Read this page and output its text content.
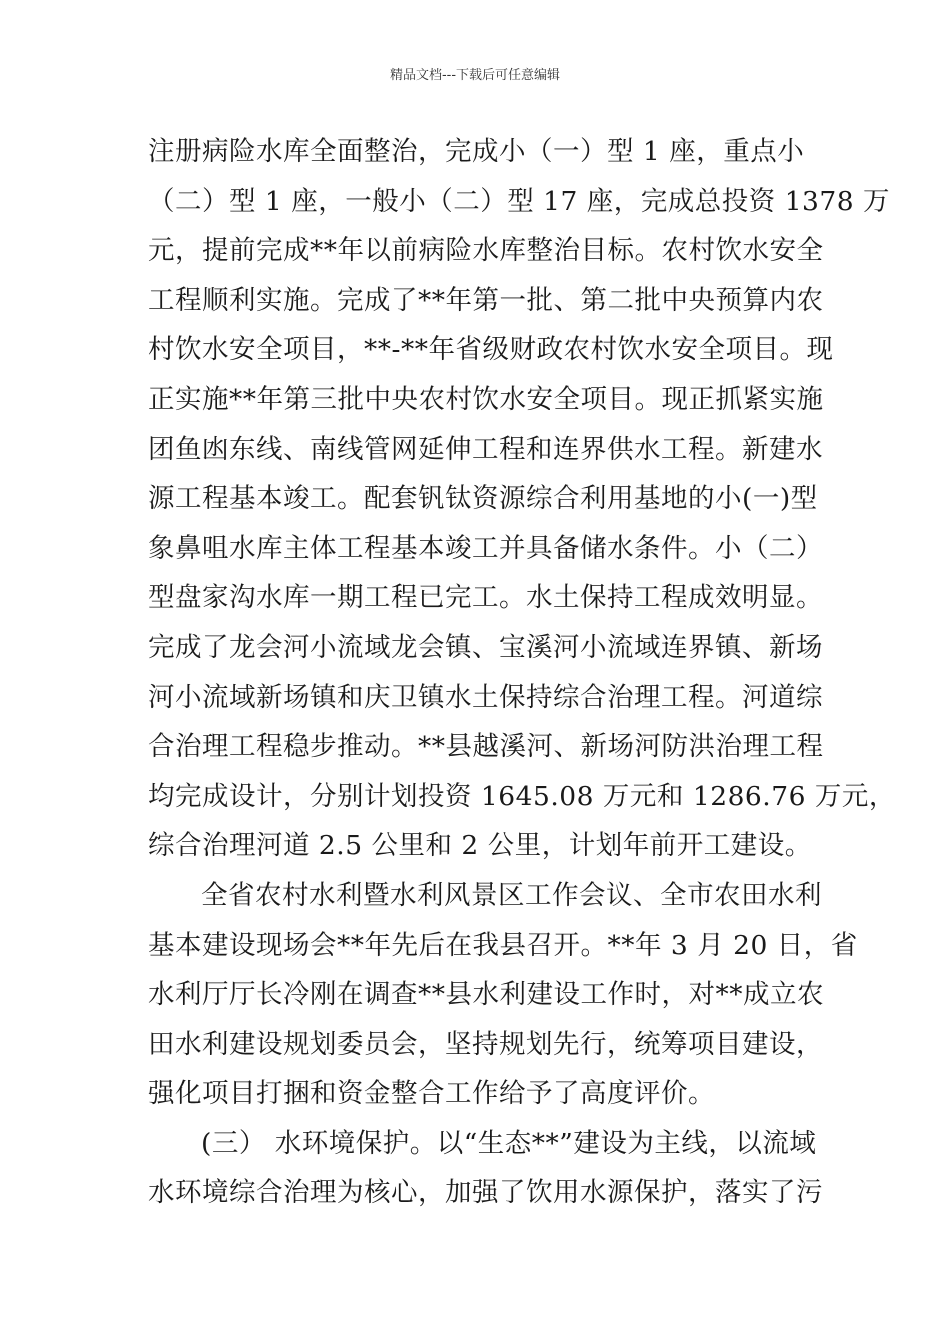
精品文档---下载后可任意编辑
注册病险水库全面整治，完成小（一）型 1 座，重点小
（二）型 1 座，一般小（二）型 17 座，完成总投资 1378 万
元，提前完成**年以前病险水库整治目标。农村饮水安全
工程顺利实施。完成了**年第一批、第二批中央预算内农
村饮水安全项目，**-**年省级财政农村饮水安全项目。现
正实施**年第三批中央农村饮水安全项目。现正抓紧实施
团鱼凼东线、南线管网延伸工程和连界供水工程。新建水
源工程基本竣工。配套钒钛资源综合利用基地的小(一)型
象鼻咀水库主体工程基本竣工并具备储水条件。小（二）
型盘家沟水库一期工程已完工。水土保持工程成效明显。
完成了龙会河小流域龙会镇、宝溪河小流域连界镇、新场
河小流域新场镇和庆卫镇水土保持综合治理工程。河道综
合治理工程稳步推动。**县越溪河、新场河防洪治理工程
均完成设计，分别计划投资 1645.08 万元和 1286.76 万元，
综合治理河道 2.5 公里和 2 公里，计划年前开工建设。
全省农村水利暨水利风景区工作会议、全市农田水利
基本建设现场会**年先后在我县召开。**年 3 月 20 日，省
水利厅厅长冷刚在调查**县水利建设工作时，对**成立农
田水利建设规划委员会，坚持规划先行，统筹项目建设，
强化项目打捆和资金整合工作给予了高度评价。
(三） 水环境保护。以“生态**”建设为主线，以流域
水环境综合治理为核心，加强了饮用水源保护，落实了污
